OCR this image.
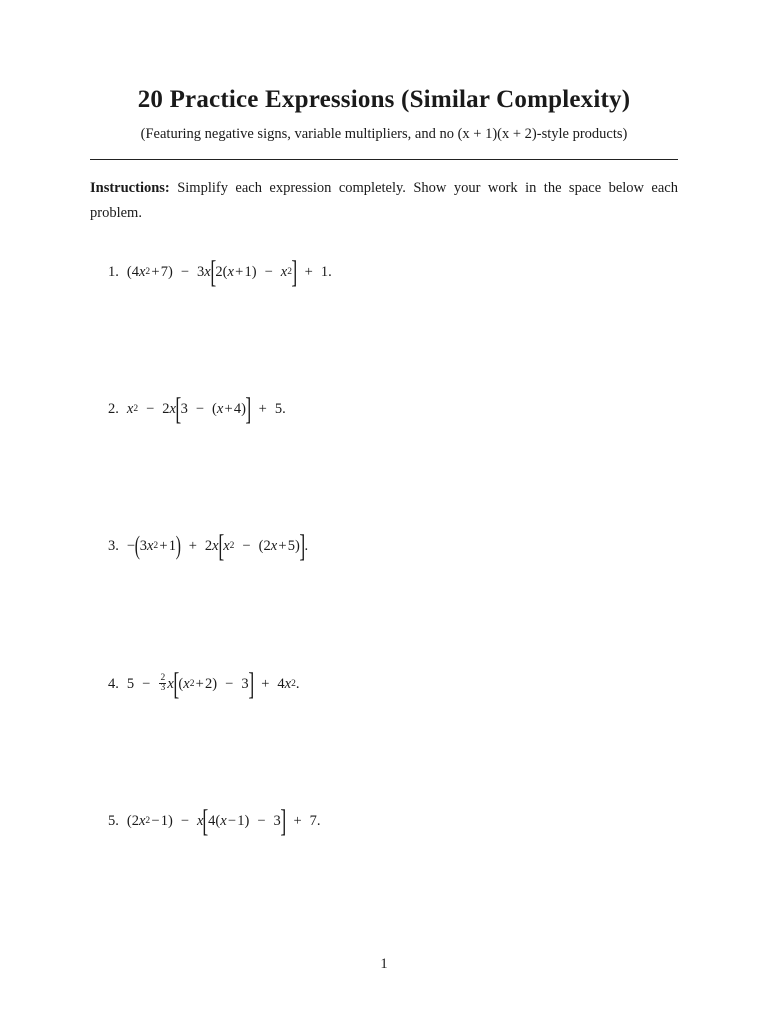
20 Practice Expressions (Similar Complexity)
(Featuring negative signs, variable multipliers, and no (x + 1)(x + 2)-style products)
Instructions: Simplify each expression completely. Show your work in the space below each problem.
1. (4 x 2  + 7) − 3 x [ 2( x  + 1) − x 2 ] + 1.
2. x 2 − 2 x [ 3 − ( x  + 4) ] + 5.
3. − ( 3 x 2  + 1 ) + 2 x [ x 2 − (2 x  + 5) ] .
4. $5 - \frac{2}{3}$ x [ ( x 2  + 2) − 3 ] + 4 x 2 .
5. (2 x 2  − 1) − x [ 4( x  − 1) − 3 ] + 7.
1
